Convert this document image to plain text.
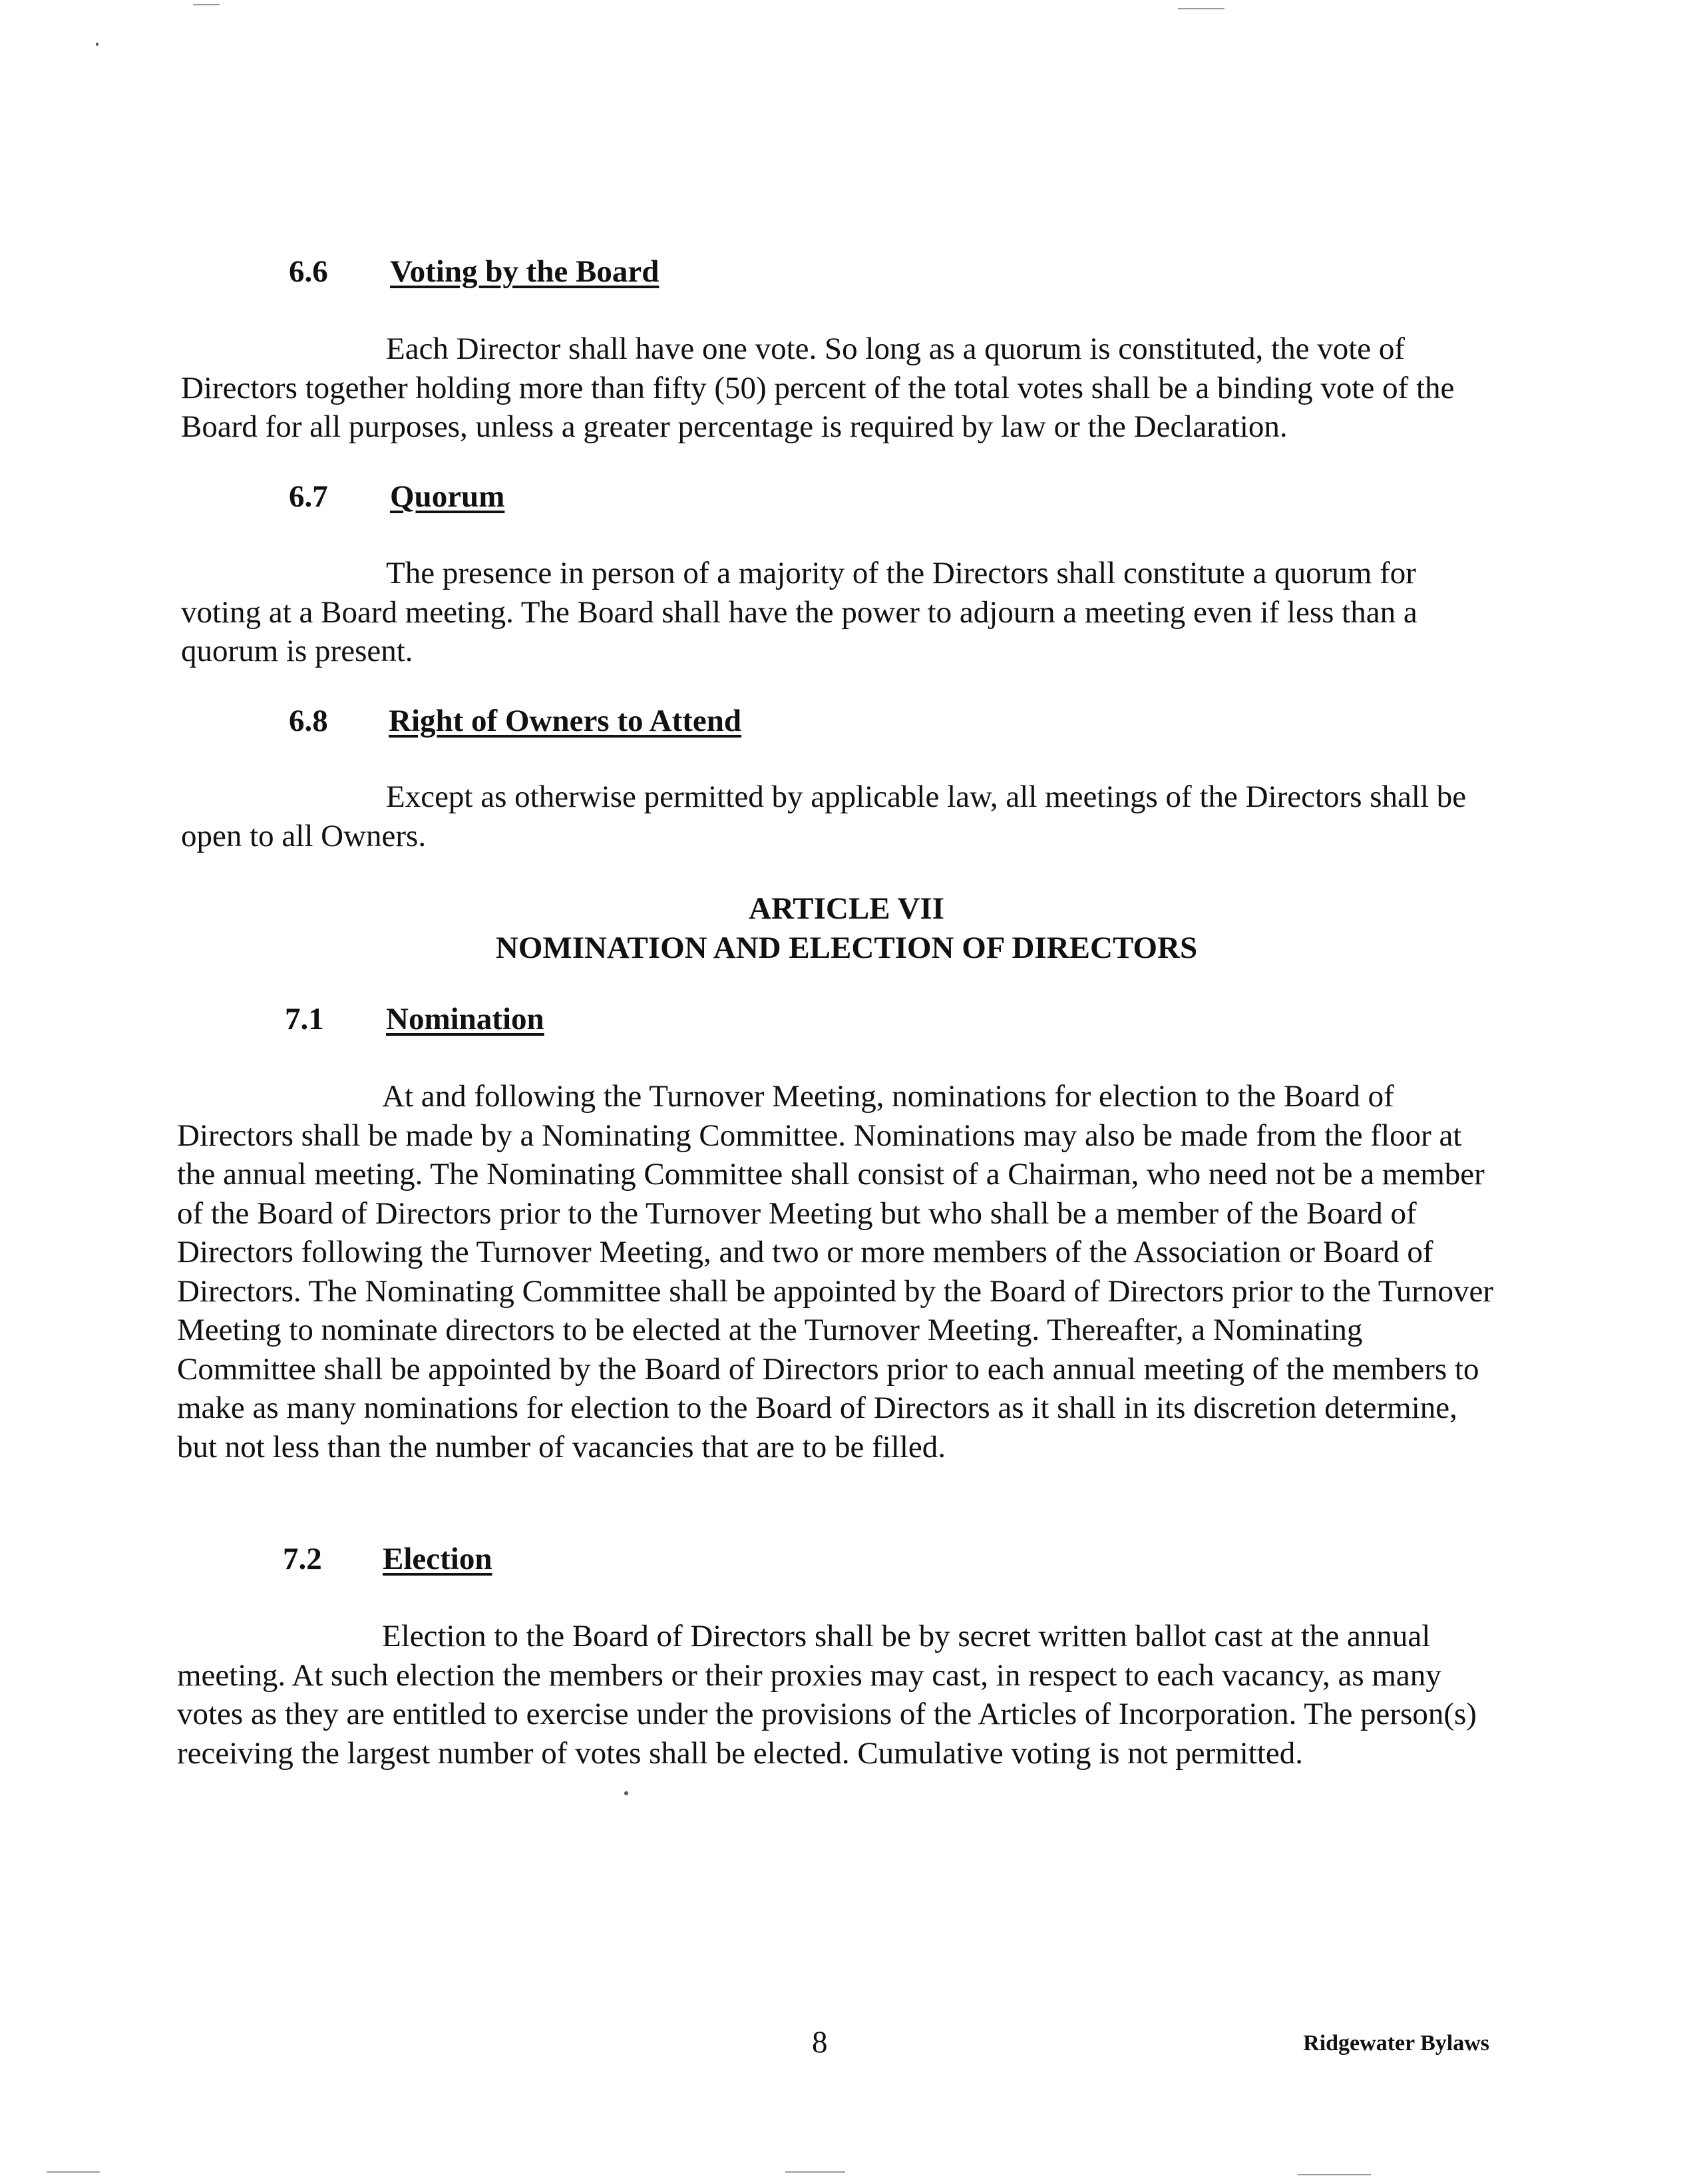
6.6 Voting by the Board

Each Director shall have one vote. So long as a quorum is constituted, the vote of Directors together holding more than fifty (50) percent of the total votes shall be a binding vote of the Board for all purposes, unless a greater percentage is required by law or the Declaration.

6.7 Quorum

The presence in person of a majority of the Directors shall constitute a quorum for voting at a Board meeting. The Board shall have the power to adjourn a meeting even if less than a quorum is present.

6.8 Right of Owners to Attend

Except as otherwise permitted by applicable law, all meetings of the Directors shall be open to all Owners.

ARTICLE VII
NOMINATION AND ELECTION OF DIRECTORS
7.1 Nomination

At and following the Turnover Meeting, nominations for election to the Board of Directors shall be made by a Nominating Committee. Nominations may also be made from the floor at the annual meeting. The Nominating Committee shall consist of a Chairman, who need not be a member of the Board of Directors prior to the Turnover Meeting but who shall be a member of the Board of Directors following the Turnover Meeting, and two or more members of the Association or Board of Directors. The Nominating Committee shall be appointed by the Board of Directors prior to the Turnover Meeting to nominate directors to be elected at the Turnover Meeting. Thereafter, a Nominating Committee shall be appointed by the Board of Directors prior to each annual meeting of the members to make as many nominations for election to the Board of Directors as it shall in its discretion determine, but not less than the number of vacancies that are to be filled.

7.2 Election

Election to the Board of Directors shall be by secret written ballot cast at the annual meeting. At such election the members or their proxies may cast, in respect to each vacancy, as many votes as they are entitled to exercise under the provisions of the Articles of Incorporation. The person(s) receiving the largest number of votes shall be elected. Cumulative voting is not permitted.

8	Ridgewater Bylaws
